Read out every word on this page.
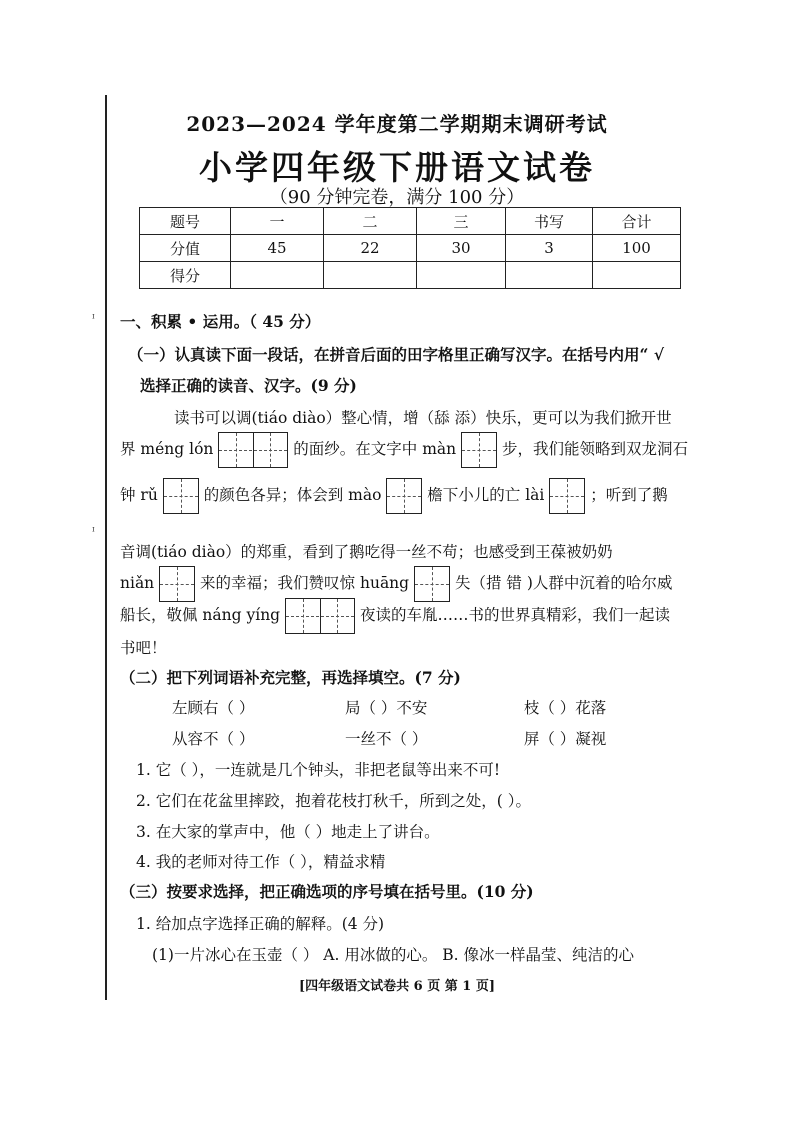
ᴵ
ᴵ
2023—2024 学年度第二学期期末调研考试
小学四年级下册语文试卷
（90 分钟完卷，满分 100 分）
题号	一	二	三	书写	合计
分值	45	22	30	3	100
得分					
一、积累 • 运用。（ 45 分）
（一）认真读下面一段话，在拼音后面的田字格里正确写汉字。在括号内用“ √
选择正确的读音、汉字。(9 分)
读书可以调(tiáo diào）整心情，增（舔 添）快乐，更可以为我们掀开世
界 méng lón	的面纱。在文字中 màn	步，我们能领略到双龙洞石
钟 rǔ	的颜色各异；体会到 mào	檐下小儿的亡 lài	；听到了鹅
音调(tiáo diào）的郑重，看到了鹅吃得一丝不苟；也感受到王葆被奶奶
niǎn	来的幸福；我们赞叹惊 huāng	失（措 错 )人群中沉着的哈尔威
船长，敬佩 náng yíng	夜读的车胤……书的世界真精彩，我们一起读
书吧！
（二）把下列词语补充完整，再选择填空。(7 分)
左顾右（ ）	局（ ）不安	枝（ ）花落
从容不（ ）	一丝不（ ）	屏（ ）凝视
1. 它（ ），一连就是几个钟头，非把老鼠等出来不可!
2. 它们在花盆里摔跤，抱着花枝打秋千，所到之处，( ）。
3. 在大家的掌声中，他（ ）地走上了讲台。
4. 我的老师对待工作（ ），精益求精
（三）按要求选择，把正确选项的序号填在括号里。(10 分)
1. 给加点字选择正确的解释。(4 分)
(1)一片冰心在玉壶（ ） A. 用冰做的心。 B. 像冰一样晶莹、纯洁的心
[四年级语文试卷共 6 页 第 1 页]
